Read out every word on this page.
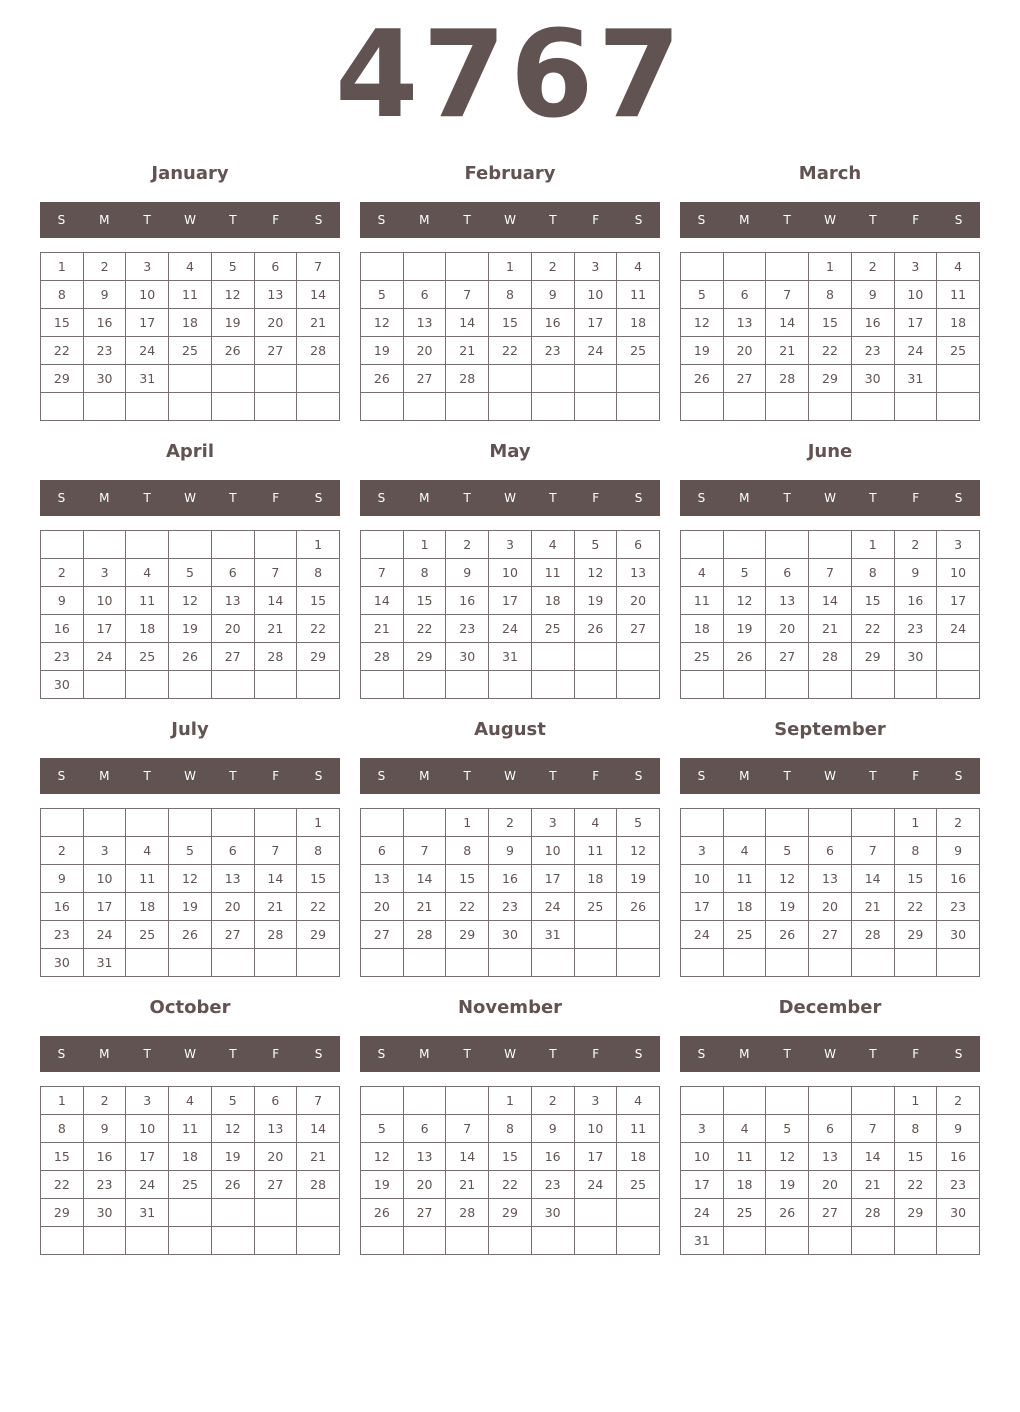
4767
January
S	M	T	W	T	F	S
1	2	3	4	5	6	7
8	9	10	11	12	13	14
15	16	17	18	19	20	21
22	23	24	25	26	27	28
29	30	31				

February
S	M	T	W	T	F	S
			1	2	3	4
5	6	7	8	9	10	11
12	13	14	15	16	17	18
19	20	21	22	23	24	25
26	27	28				

March
S	M	T	W	T	F	S
			1	2	3	4
5	6	7	8	9	10	11
12	13	14	15	16	17	18
19	20	21	22	23	24	25
26	27	28	29	30	31	

April
S	M	T	W	T	F	S
						1
2	3	4	5	6	7	8
9	10	11	12	13	14	15
16	17	18	19	20	21	22
23	24	25	26	27	28	29
30						
May
S	M	T	W	T	F	S
	1	2	3	4	5	6
7	8	9	10	11	12	13
14	15	16	17	18	19	20
21	22	23	24	25	26	27
28	29	30	31			

June
S	M	T	W	T	F	S
				1	2	3
4	5	6	7	8	9	10
11	12	13	14	15	16	17
18	19	20	21	22	23	24
25	26	27	28	29	30	

July
S	M	T	W	T	F	S
						1
2	3	4	5	6	7	8
9	10	11	12	13	14	15
16	17	18	19	20	21	22
23	24	25	26	27	28	29
30	31					
August
S	M	T	W	T	F	S
		1	2	3	4	5
6	7	8	9	10	11	12
13	14	15	16	17	18	19
20	21	22	23	24	25	26
27	28	29	30	31		

September
S	M	T	W	T	F	S
					1	2
3	4	5	6	7	8	9
10	11	12	13	14	15	16
17	18	19	20	21	22	23
24	25	26	27	28	29	30

October
S	M	T	W	T	F	S
1	2	3	4	5	6	7
8	9	10	11	12	13	14
15	16	17	18	19	20	21
22	23	24	25	26	27	28
29	30	31				

November
S	M	T	W	T	F	S
			1	2	3	4
5	6	7	8	9	10	11
12	13	14	15	16	17	18
19	20	21	22	23	24	25
26	27	28	29	30		

December
S	M	T	W	T	F	S
					1	2
3	4	5	6	7	8	9
10	11	12	13	14	15	16
17	18	19	20	21	22	23
24	25	26	27	28	29	30
31						
